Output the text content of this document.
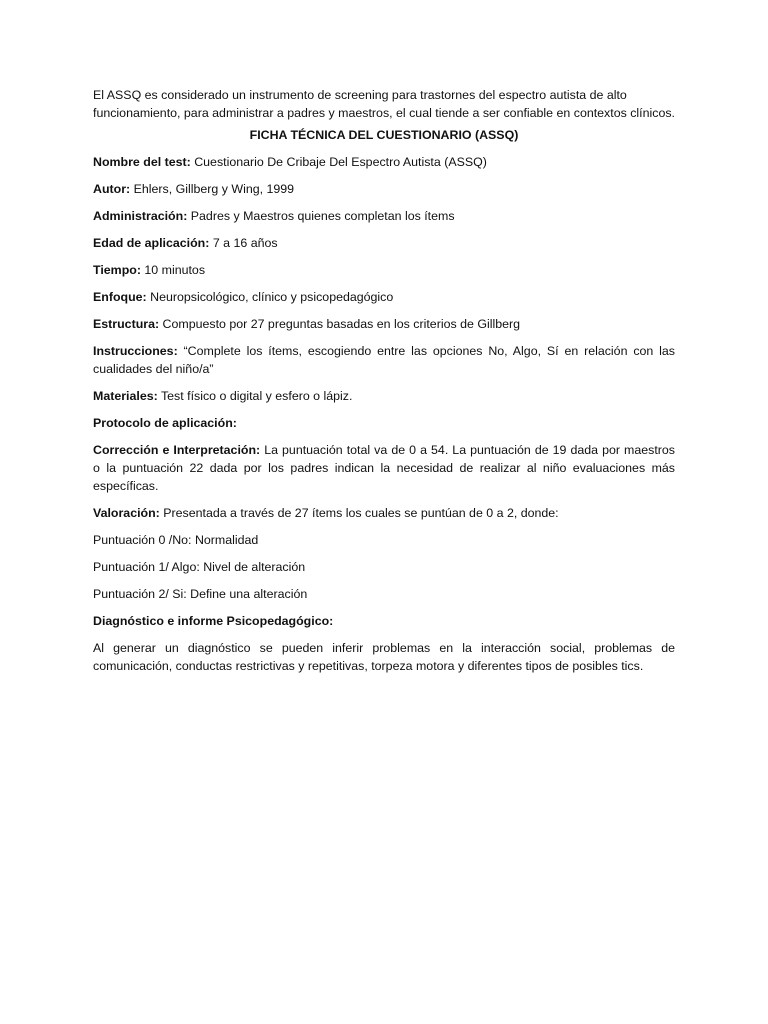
El ASSQ es considerado un instrumento de screening para trastornes del espectro autista de alto funcionamiento, para administrar a padres y maestros, el cual tiende a ser confiable en contextos clínicos.

FICHA TÉCNICA DEL CUESTIONARIO (ASSQ)

Nombre del test: Cuestionario De Cribaje Del Espectro Autista (ASSQ)

Autor: Ehlers, Gillberg y Wing, 1999

Administración: Padres y Maestros quienes completan los ítems

Edad de aplicación: 7 a 16 años

Tiempo: 10 minutos

Enfoque: Neuropsicológico, clínico y psicopedagógico

Estructura: Compuesto por 27 preguntas basadas en los criterios de Gillberg

Instrucciones: “Complete los ítems, escogiendo entre las opciones No, Algo, Sí en relación con las cualidades del niño/a”

Materiales: Test físico o digital y esfero o lápiz.

Protocolo de aplicación:

Corrección e Interpretación: La puntuación total va de 0 a 54. La puntuación de 19 dada por maestros o la puntuación 22 dada por los padres indican la necesidad de realizar al niño evaluaciones más específicas.

Valoración: Presentada a través de 27 ítems los cuales se puntúan de 0 a 2, donde:

Puntuación 0 /No: Normalidad

Puntuación 1/ Algo: Nivel de alteración

Puntuación 2/ Si: Define una alteración

Diagnóstico e informe Psicopedagógico:

Al generar un diagnóstico se pueden inferir problemas en la interacción social, problemas de comunicación, conductas restrictivas y repetitivas, torpeza motora y diferentes tipos de posibles tics.
